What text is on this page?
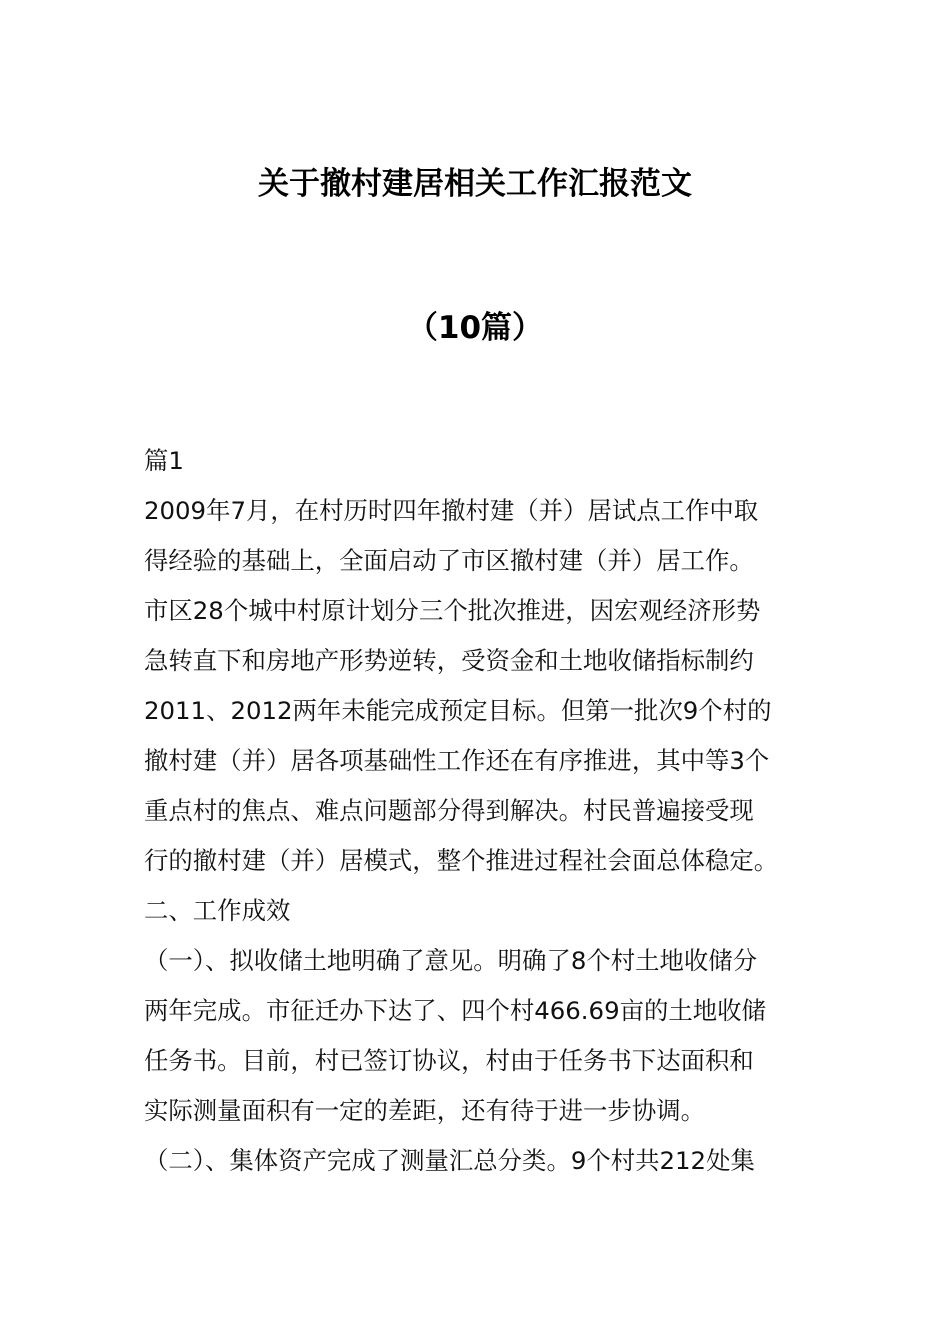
关于撤村建居相关工作汇报范文
（10篇）
篇1
2009年7月，在村历时四年撤村建（并）居试点工作中取
得经验的基础上，全面启动了市区撤村建（并）居工作。
市区28个城中村原计划分三个批次推进，因宏观经济形势
急转直下和房地产形势逆转，受资金和土地收储指标制约
2011、2012两年未能完成预定目标。但第一批次9个村的
撤村建（并）居各项基础性工作还在有序推进，其中等3个
重点村的焦点、难点问题部分得到解决。村民普遍接受现
行的撤村建（并）居模式，整个推进过程社会面总体稳定。
二、工作成效
（一）、拟收储土地明确了意见。明确了8个村土地收储分
两年完成。市征迁办下达了、四个村466.69亩的土地收储
任务书。目前，村已签订协议，村由于任务书下达面积和
实际测量面积有一定的差距，还有待于进一步协调。
（二）、集体资产完成了测量汇总分类。9个村共212处集
